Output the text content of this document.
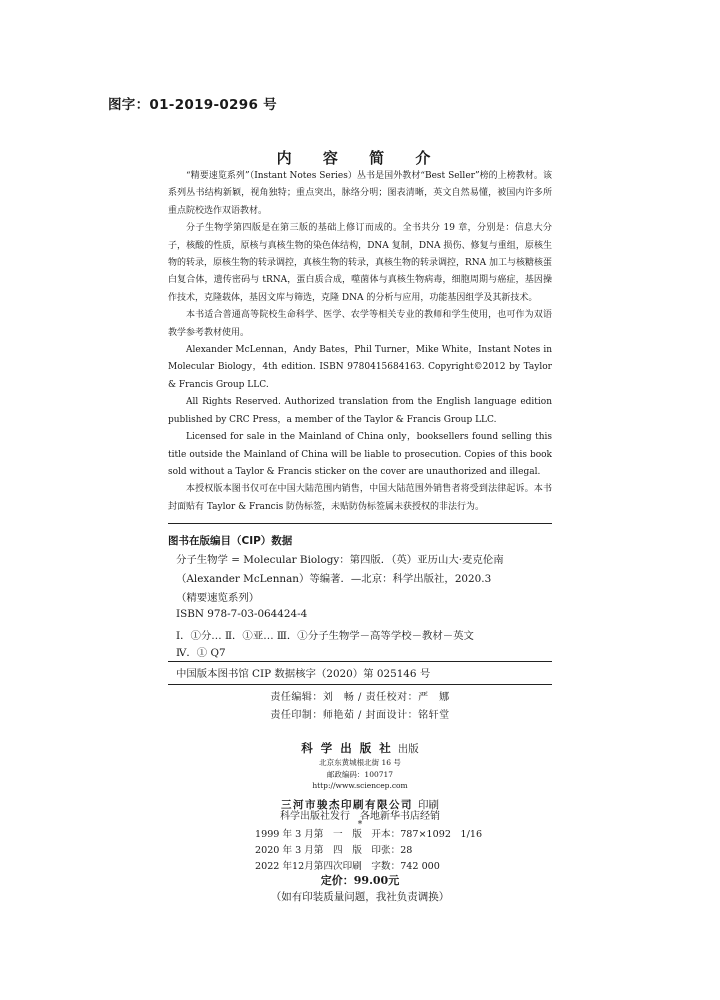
图字：01-2019-0296 号
内 容 简 介

“精要速览系列”（Instant Notes Series）丛书是国外教材“Best Seller”榜的上榜教材。该系列丛书结构新颖，视角独特；重点突出，脉络分明；图表清晰，英文自然易懂，被国内许多所重点院校选作双语教材。

分子生物学第四版是在第三版的基础上修订而成的。全书共分 19 章，分别是：信息大分子，核酸的性质，原核与真核生物的染色体结构，DNA 复制，DNA 损伤、修复与重组，原核生物的转录，原核生物的转录调控，真核生物的转录，真核生物的转录调控，RNA 加工与核糖核蛋白复合体，遗传密码与 tRNA，蛋白质合成，噬菌体与真核生物病毒，细胞周期与癌症，基因操作技术，克隆载体，基因文库与筛选，克隆 DNA 的分析与应用，功能基因组学及其新技术。

本书适合普通高等院校生命科学、医学、农学等相关专业的教师和学生使用，也可作为双语教学参考教材使用。

Alexander McLennan，Andy Bates，Phil Turner，Mike White，Instant Notes in Molecular Biology，4th edition. ISBN 9780415684163. Copyright©2012 by Taylor & Francis Group LLC.

All Rights Reserved. Authorized translation from the English language edition published by CRC Press，a member of the Taylor & Francis Group LLC.

Licensed for sale in the Mainland of China only，booksellers found selling this title outside the Mainland of China will be liable to prosecution. Copies of this book sold without a Taylor & Francis sticker on the cover are unauthorized and illegal.

本授权版本图书仅可在中国大陆范围内销售，中国大陆范围外销售者将受到法律起诉。本书封面贴有 Taylor & Francis 防伪标签，未贴防伪标签属未获授权的非法行为。

图书在版编目（CIP）数据
分子生物学 = Molecular Biology：第四版．（英）亚历山大·麦克伦南
（Alexander McLennan）等编著．—北京：科学出版社，2020.3
（精要速览系列）
ISBN 978-7-03-064424-4
Ⅰ．①分… Ⅱ．①亚… Ⅲ．①分子生物学－高等学校－教材－英文
Ⅳ．① Q7
中国版本图书馆 CIP 数据核字（2020）第 025146 号
责任编辑：刘　畅 / 责任校对：严　娜
责任印制：师艳茹 / 封面设计：铭轩堂
科 学 出 版 社 出版
北京东黄城根北街 16 号
邮政编码：100717
http://www.sciencep.com
三河市骏杰印刷有限公司 印刷
科学出版社发行　各地新华书店经销
*
1999 年 3 月第　一　版　开本：787×1092　1/16
2020 年 3 月第　四　版　印张：28
2022 年12月第四次印刷　字数：742 000
定价：99.00元
（如有印装质量问题，我社负责调换）
